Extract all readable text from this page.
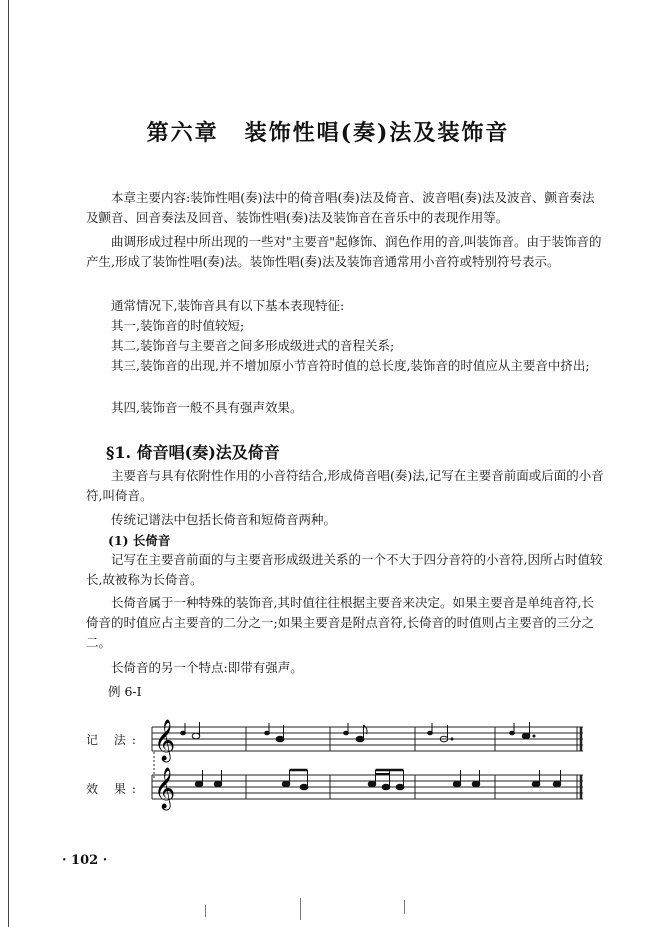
第六章 装饰性唱(奏)法及装饰音

本章主要内容:装饰性唱(奏)法中的倚音唱(奏)法及倚音、波音唱(奏)法及波音、颤音奏法及颤音、回音奏法及回音、装饰性唱(奏)法及装饰音在音乐中的表现作用等。

曲调形成过程中所出现的一些对"主要音"起修饰、润色作用的音,叫装饰音。由于装饰音的产生,形成了装饰性唱(奏)法。装饰性唱(奏)法及装饰音通常用小音符或特别符号表示。

通常情况下,装饰音具有以下基本表现特征:

其一,装饰音的时值较短;

其二,装饰音与主要音之间多形成级进式的音程关系;

其三,装饰音的出现,并不增加原小节音符时值的总长度,装饰音的时值应从主要音中挤出;

其四,装饰音一般不具有强声效果。

§1. 倚音唱(奏)法及倚音

主要音与具有依附性作用的小音符结合,形成倚音唱(奏)法,记写在主要音前面或后面的小音符,叫倚音。

传统记谱法中包括长倚音和短倚音两种。

(1) 长倚音

记写在主要音前面的与主要音形成级进关系的一个不大于四分音符的小音符,因所占时值较长,故被称为长倚音。

长倚音属于一种特殊的装饰音,其时值往往根据主要音来决定。如果主要音是单纯音符,长倚音的时值应占主要音的二分之一;如果主要音是附点音符,长倚音的时值则占主要音的三分之二。

长倚音的另一个特点:即带有强声。

例 6-I
记 法:
效 果:
𝄞
𝄞
· 102 ·
